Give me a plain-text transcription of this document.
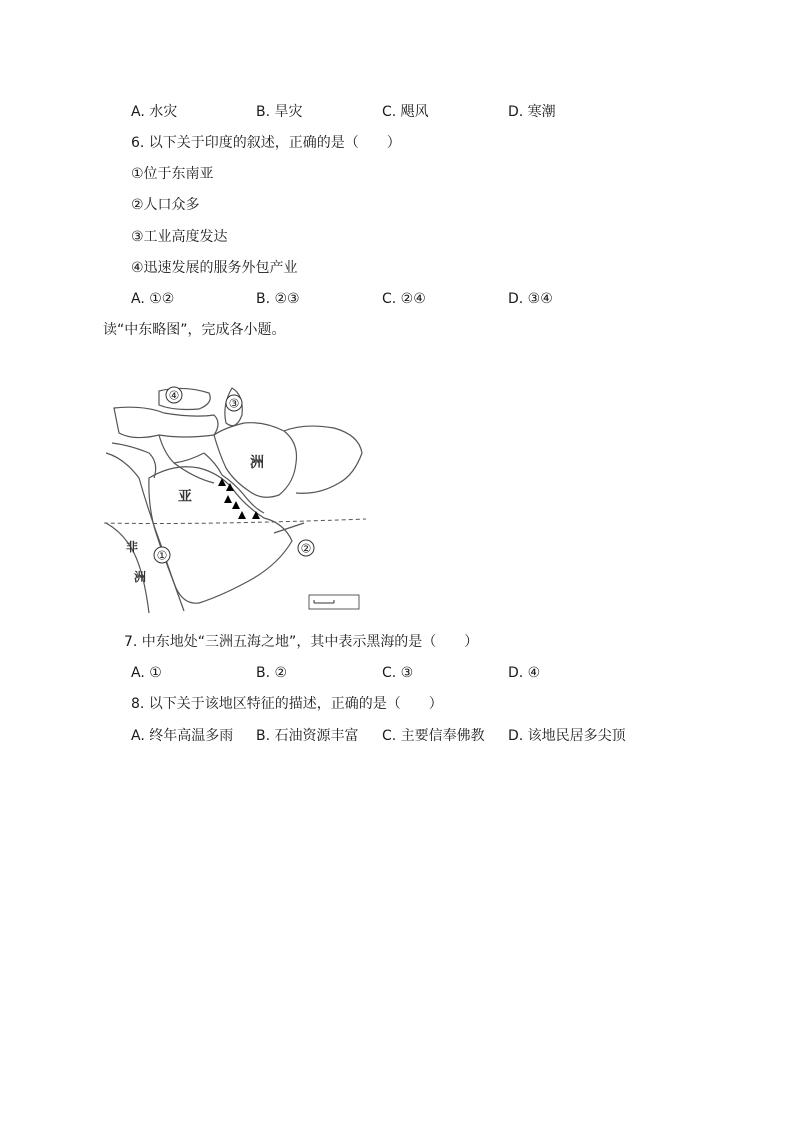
A. 水灾	B. 旱灾	C. 飓风	D. 寒潮
6. 以下关于印度的叙述，正确的是（　　）
①位于东南亚
②人口众多
③工业高度发达
④迅速发展的服务外包产业
A. ①②	B. ②③	C. ②④	D. ③④
读“中东略图”，完成各小题。
④
③
①	②
亚
洲
非
洲
7. 中东地处“三洲五海之地”，其中表示黑海的是（　　）
A. ①	B. ②	C. ③	D. ④
8. 以下关于该地区特征的描述，正确的是（　　）
A. 终年高温多雨 B. 石油资源丰富 C. 主要信奉佛教 D. 该地民居多尖顶
